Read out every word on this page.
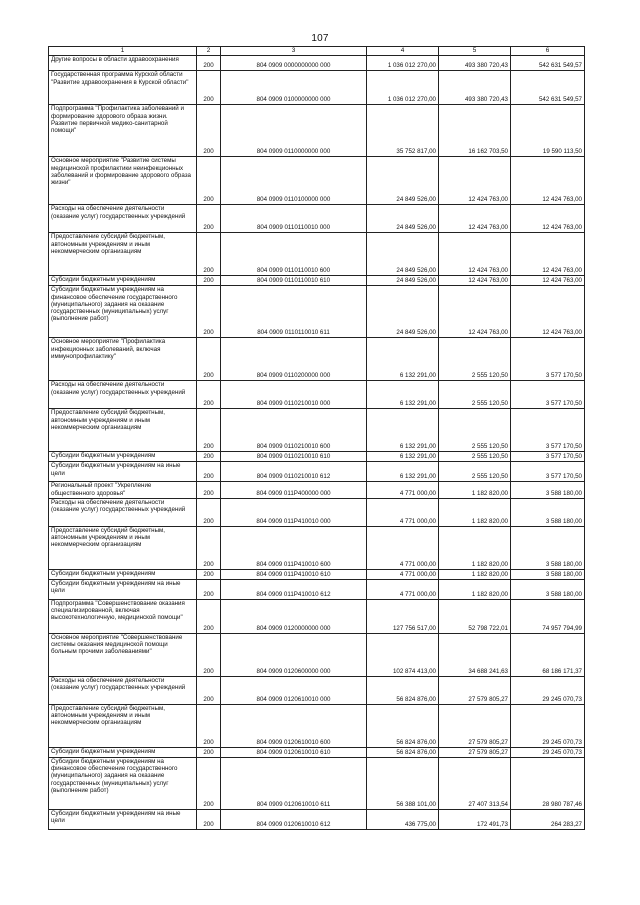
107
1	2	3	4	5	6
Другие вопросы в области здравоохранения	200	804 0909 0000000000 000	1 036 012 270,00	493 380 720,43	542 631 549,57
Государственная программа Курской области "Развитие здравоохранения в Курской области"	200	804 0909 0100000000 000	1 036 012 270,00	493 380 720,43	542 631 549,57
Подпрограмма "Профилактика заболеваний и формирование здорового образа жизни. Развитие первичной медико-санитарной помощи"	200	804 0909 0110000000 000	35 752 817,00	16 162 703,50	19 590 113,50
Основное мероприятие "Развитие системы медицинской профилактики неинфекционных заболеваний и формирование здорового образа жизни"	200	804 0909 0110100000 000	24 849 526,00	12 424 763,00	12 424 763,00
Расходы на обеспечение деятельности (оказание услуг) государственных учреждений	200	804 0909 0110110010 000	24 849 526,00	12 424 763,00	12 424 763,00
Предоставление субсидий бюджетным, автономным учреждениям и иным некоммерческим организациям	200	804 0909 0110110010 600	24 849 526,00	12 424 763,00	12 424 763,00
Субсидии бюджетным учреждениям	200	804 0909 0110110010 610	24 849 526,00	12 424 763,00	12 424 763,00
Субсидии бюджетным учреждениям на финансовое обеспечение государственного (муниципального) задания на оказание государственных (муниципальных) услуг (выполнение работ)	200	804 0909 0110110010 611	24 849 526,00	12 424 763,00	12 424 763,00
Основное мероприятие "Профилактика инфекционных заболеваний, включая иммунопрофилактику"	200	804 0909 0110200000 000	6 132 291,00	2 555 120,50	3 577 170,50
Расходы на обеспечение деятельности (оказание услуг) государственных учреждений	200	804 0909 0110210010 000	6 132 291,00	2 555 120,50	3 577 170,50
Предоставление субсидий бюджетным, автономным учреждениям и иным некоммерческим организациям	200	804 0909 0110210010 600	6 132 291,00	2 555 120,50	3 577 170,50
Субсидии бюджетным учреждениям	200	804 0909 0110210010 610	6 132 291,00	2 555 120,50	3 577 170,50
Субсидии бюджетным учреждениям на иные цели	200	804 0909 0110210010 612	6 132 291,00	2 555 120,50	3 577 170,50
Региональный проект "Укрепление общественного здоровья"	200	804 0909 011P400000 000	4 771 000,00	1 182 820,00	3 588 180,00
Расходы на обеспечение деятельности (оказание услуг) государственных учреждений	200	804 0909 011P410010 000	4 771 000,00	1 182 820,00	3 588 180,00
Предоставление субсидий бюджетным, автономным учреждениям и иным некоммерческим организациям	200	804 0909 011P410010 600	4 771 000,00	1 182 820,00	3 588 180,00
Субсидии бюджетным учреждениям	200	804 0909 011P410010 610	4 771 000,00	1 182 820,00	3 588 180,00
Субсидии бюджетным учреждениям на иные цели	200	804 0909 011P410010 612	4 771 000,00	1 182 820,00	3 588 180,00
Подпрограмма "Совершенствование оказания специализированной, включая высокотехнологичную, медицинской помощи"	200	804 0909 0120000000 000	127 756 517,00	52 798 722,01	74 957 794,99
Основное мероприятие "Совершенствование системы оказания медицинской помощи больным прочими заболеваниями"	200	804 0909 0120600000 000	102 874 413,00	34 688 241,63	68 186 171,37
Расходы на обеспечение деятельности (оказание услуг) государственных учреждений	200	804 0909 0120610010 000	56 824 876,00	27 579 805,27	29 245 070,73
Предоставление субсидий бюджетным, автономным учреждениям и иным некоммерческим организациям	200	804 0909 0120610010 600	56 824 876,00	27 579 805,27	29 245 070,73
Субсидии бюджетным учреждениям	200	804 0909 0120610010 610	56 824 876,00	27 579 805,27	29 245 070,73
Субсидии бюджетным учреждениям на финансовое обеспечение государственного (муниципального) задания на оказание государственных (муниципальных) услуг (выполнение работ)	200	804 0909 0120610010 611	56 388 101,00	27 407 313,54	28 980 787,46
Субсидии бюджетным учреждениям на иные цели	200	804 0909 0120610010 612	436 775,00	172 491,73	264 283,27
